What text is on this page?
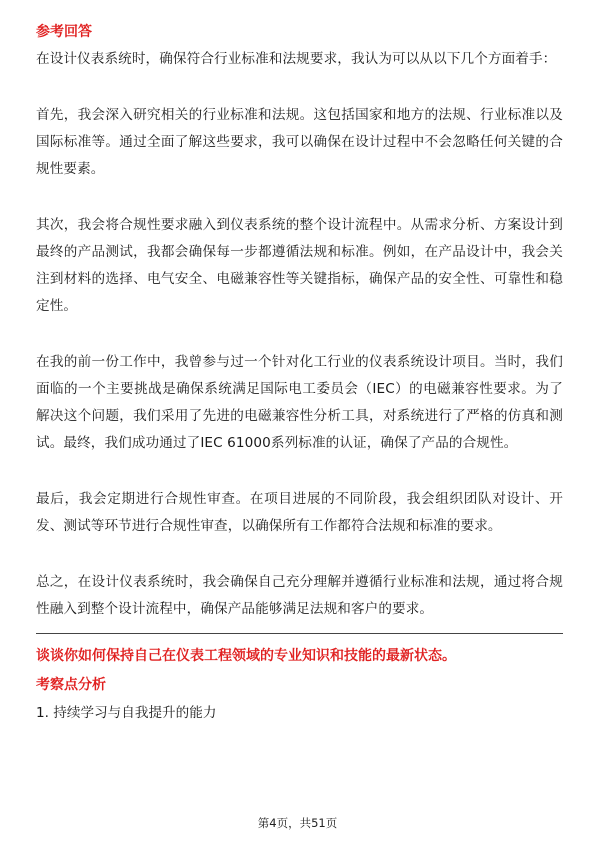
参考回答

在设计仪表系统时，确保符合行业标准和法规要求，我认为可以从以下几个方面着手：

首先，我会深入研究相关的行业标准和法规。这包括国家和地方的法规、行业标准以及国际标准等。通过全面了解这些要求，我可以确保在设计过程中不会忽略任何关键的合规性要素。

其次，我会将合规性要求融入到仪表系统的整个设计流程中。从需求分析、方案设计到最终的产品测试，我都会确保每一步都遵循法规和标准。例如，在产品设计中，我会关注到材料的选择、电气安全、电磁兼容性等关键指标，确保产品的安全性、可靠性和稳定性。

在我的前一份工作中，我曾参与过一个针对化工行业的仪表系统设计项目。当时，我们面临的一个主要挑战是确保系统满足国际电工委员会（IEC）的电磁兼容性要求。为了解决这个问题，我们采用了先进的电磁兼容性分析工具，对系统进行了严格的仿真和测试。最终，我们成功通过了IEC 61000系列标准的认证，确保了产品的合规性。

最后，我会定期进行合规性审查。在项目进展的不同阶段，我会组织团队对设计、开发、测试等环节进行合规性审查，以确保所有工作都符合法规和标准的要求。

总之，在设计仪表系统时，我会确保自己充分理解并遵循行业标准和法规，通过将合规性融入到整个设计流程中，确保产品能够满足法规和客户的要求。

谈谈你如何保持自己在仪表工程领域的专业知识和技能的最新状态。
考察点分析
1. 持续学习与自我提升的能力
第4页，共51页
